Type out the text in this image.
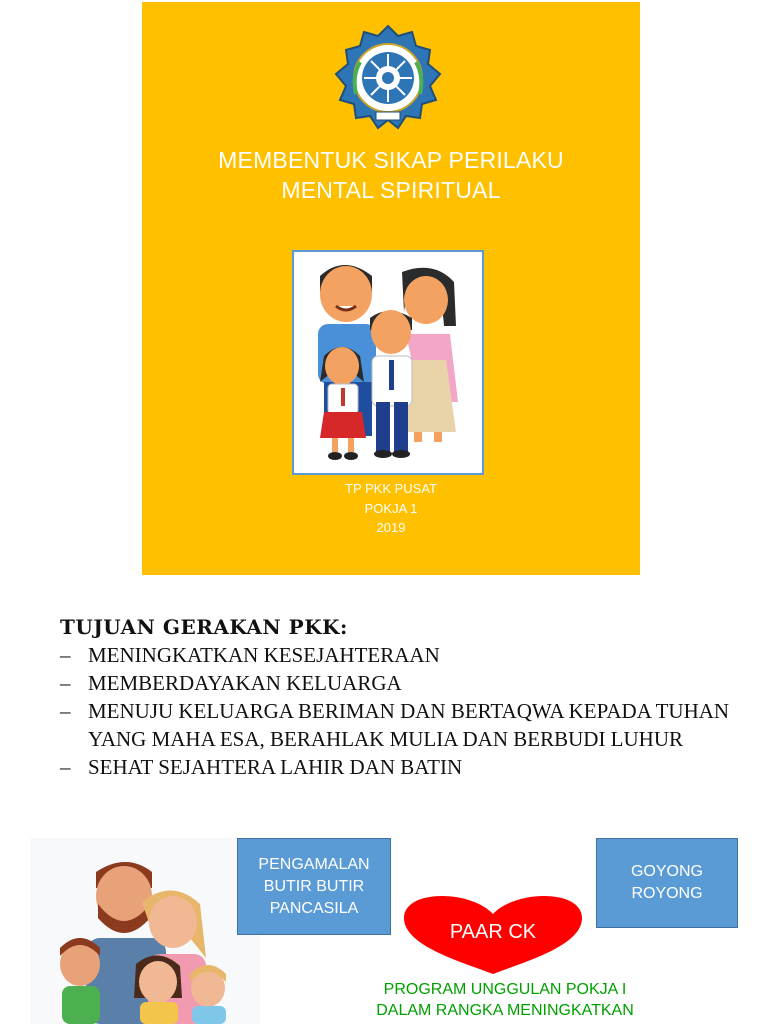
MEMBENTUK SIKAP PERILAKU
MENTAL SPIRITUAL
TP PKK PUSAT
POKJA 1
2019
TUJUAN GERAKAN PKK:
– MENINGKATKAN KESEJAHTERAAN
– MEMBERDAYAKAN KELUARGA
– MENUJU KELUARGA BERIMAN DAN BERTAQWA KEPADA TUHAN YANG MAHA ESA, BERAHLAK MULIA DAN BERBUDI LUHUR
– SEHAT SEJAHTERA LAHIR DAN BATIN
PENGAMALAN
BUTIR BUTIR
PANCASILA
GOYONG
ROYONG
PAAR CK
PROGRAM UNGGULAN POKJA I
DALAM RANGKA MENINGKATKAN
